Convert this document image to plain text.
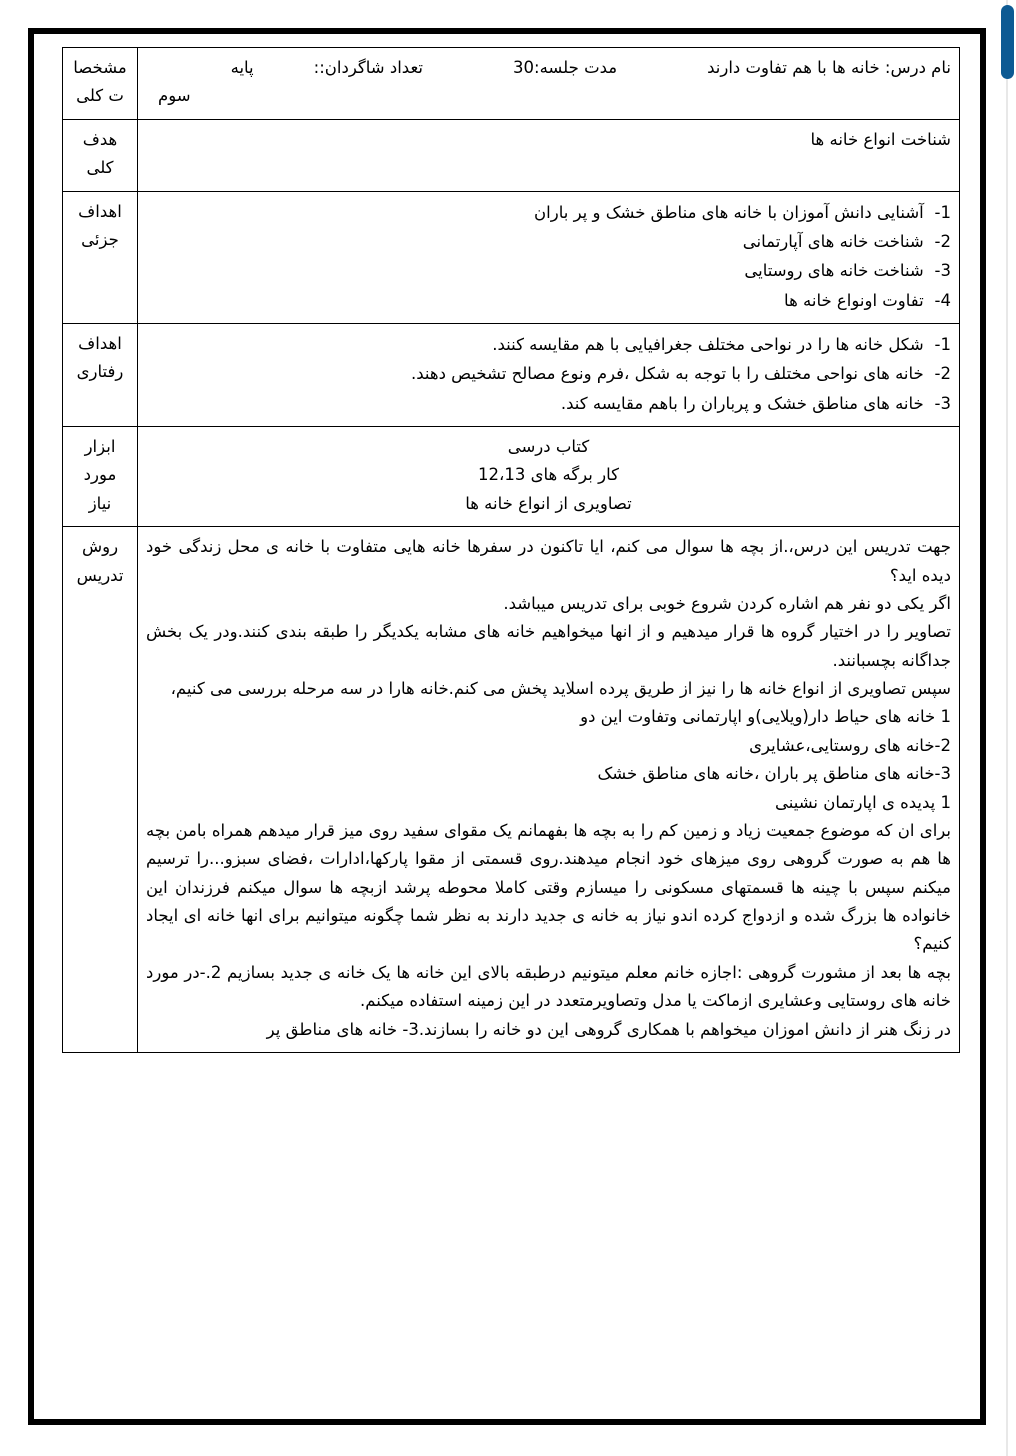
نام درس: خانه ها با هم تفاوت دارند
مدت جلسه:30
تعداد شاگردان::
پایه
سوم	مشخصات کلی

شناخت انواع خانه ها	هدف کلی

1- آشنایی دانش آموزان با خانه های مناطق خشک و پر باران
2- شناخت خانه های آپارتمانی
3- شناخت خانه های روستایی
4- تفاوت اونواع خانه ها
	اهداف جزئی

1- شکل خانه ها را در نواحی مختلف جغرافیایی با هم مقایسه کنند.
2- خانه های نواحی مختلف را با توجه به شکل ،فرم ونوع مصالح تشخیص دهند.
3- خانه های مناطق خشک و پرباران را باهم مقایسه کند.
	اهداف رفتاری

کتاب درسی
کار برگه های 12،13
تصاویری از انواع خانه ها	ابزار مورد نیاز

جهت تدریس این درس،.از بچه ها سوال می کنم، ایا تاکنون در سفرها خانه هایی متفاوت با خانه ی محل زندگی خود دیده اید؟

اگر یکی دو نفر هم اشاره کردن شروع خوبی برای تدریس میباشد.

تصاویر را در اختیار گروه ها قرار میدهیم و از انها میخواهیم خانه های مشابه یکدیگر را طبقه بندی کنند.ودر یک بخش جداگانه بچسبانند.

سپس تصاویری از انواع خانه ها را نیز از طریق پرده اسلاید پخش می کنم.خانه هارا در سه مرحله بررسی می کنیم،

1 خانه های حیاط دار(ویلایی)و اپارتمانی وتفاوت این دو

2-خانه های روستایی،عشایری

3-خانه های مناطق پر باران ،خانه های مناطق خشک

1 پدیده ی اپارتمان نشینی

برای ان که موضوع جمعیت زیاد و زمین کم را به بچه ها بفهمانم یک مقوای سفید روی میز قرار میدهم همراه بامن بچه ها هم به صورت گروهی روی میزهای خود انجام میدهند.روی قسمتی از مقوا پارکها،ادارات ،فضای سبزو...را ترسیم میکنم سپس با چینه ها قسمتهای مسکونی را میسازم وقتی کاملا محوطه پرشد ازبچه ها سوال میکنم فرزندان این خانواده ها بزرگ شده و ازدواج کرده اندو نیاز به خانه ی جدید دارند به نظر شما چگونه میتوانیم برای انها خانه ای ایجاد کنیم؟

بچه ها بعد از مشورت گروهی :اجازه خانم معلم میتونیم درطبقه بالای این خانه ها یک خانه ی جدید بسازیم 2.-در مورد خانه های روستایی وعشایری ازماکت یا مدل وتصاویرمتعدد در این زمینه استفاده میکنم.

در زنگ هنر از دانش اموزان میخواهم با همکاری گروهی این دو خانه را بسازند.3- خانه های مناطق پر

	روش تدریس
